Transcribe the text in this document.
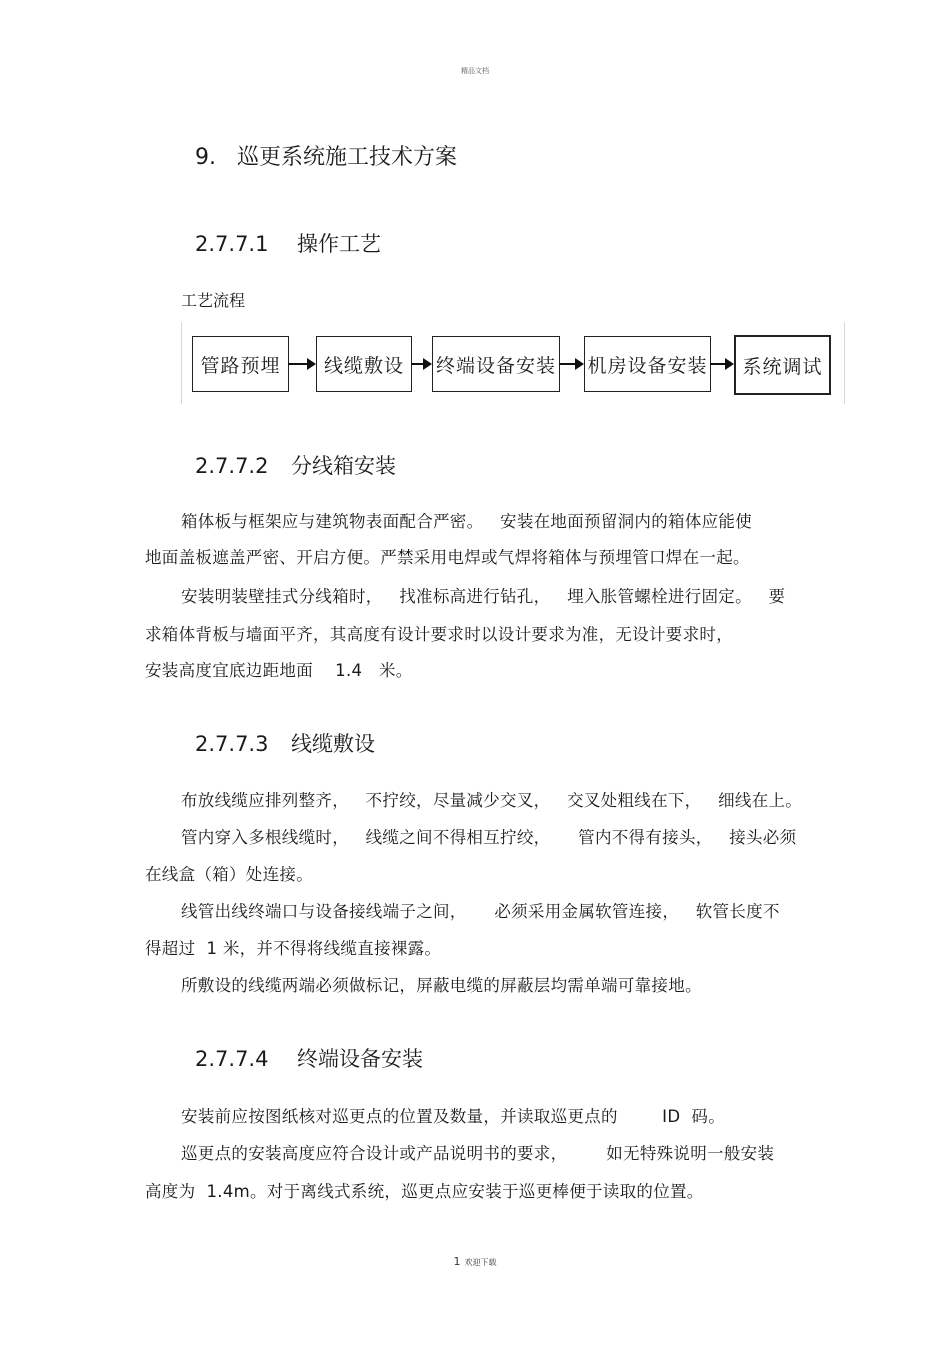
精品文档
9. 巡更系统施工技术方案
2.7.7.1 操作工艺
工艺流程
管路预埋	线缆敷设	终端设备安装 机房设备安装	系统调试
2.7.7.2 分线箱安装
箱体板与框架应与建筑物表面配合严密。   安装在地面预留洞内的箱体应能使
地面盖板遮盖严密、开启方便。严禁采用电焊或气焊将箱体与预埋管口焊在一起。
安装明装壁挂式分线箱时，   找准标高进行钻孔，   埋入胀管螺栓进行固定。   要
求箱体背板与墙面平齐，其高度有设计要求时以设计要求为准，无设计要求时，
安装高度宜底边距地面    1.4   米。
2.7.7.3 线缆敷设
布放线缆应排列整齐，   不拧绞，尽量减少交叉，   交叉处粗线在下，   细线在上。
管内穿入多根线缆时，   线缆之间不得相互拧绞，     管内不得有接头，   接头必须
在线盒（箱）处连接。
线管出线终端口与设备接线端子之间，     必须采用金属软管连接，   软管长度不
得超过  1 米，并不得将线缆直接裸露。
所敷设的线缆两端必须做标记，屏蔽电缆的屏蔽层均需单端可靠接地。
2.7.7.4 终端设备安装
安装前应按图纸核对巡更点的位置及数量，并读取巡更点的        ID  码。
巡更点的安装高度应符合设计或产品说明书的要求，       如无特殊说明一般安装
高度为  1.4m。对于离线式系统，巡更点应安装于巡更棒便于读取的位置。
1 欢迎下载
